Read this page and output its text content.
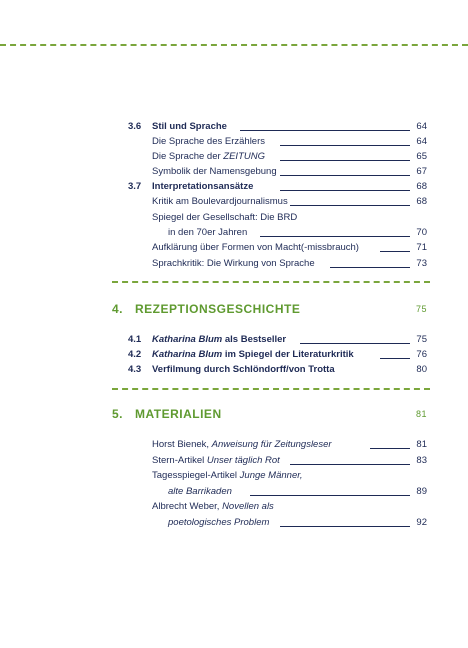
3.6 Stil und Sprache	64
Die Sprache des Erzählers	64
Die Sprache der ZEITUNG	65
Symbolik der Namensgebung	67
3.7 Interpretationsansätze	68
Kritik am Boulevardjournalismus	68
Spiegel der Gesellschaft: Die BRD
in den 70er Jahren	70
Aufklärung über Formen von Macht(-missbrauch)	71
Sprachkritik: Die Wirkung von Sprache	73
4. REZEPTIONSGESCHICHTE	75
4.1 Katharina Blum als Bestseller	75
4.2 Katharina Blum im Spiegel der Literaturkritik	76
4.3 Verfilmung durch Schlöndorff/von Trotta	80
5. MATERIALIEN	81
Horst Bienek, Anweisung für Zeitungsleser	81
Stern-Artikel Unser täglich Rot	83
Tagesspiegel-Artikel Junge Männer,
alte Barrikaden	89
Albrecht Weber, Novellen als
poetologisches Problem	92
